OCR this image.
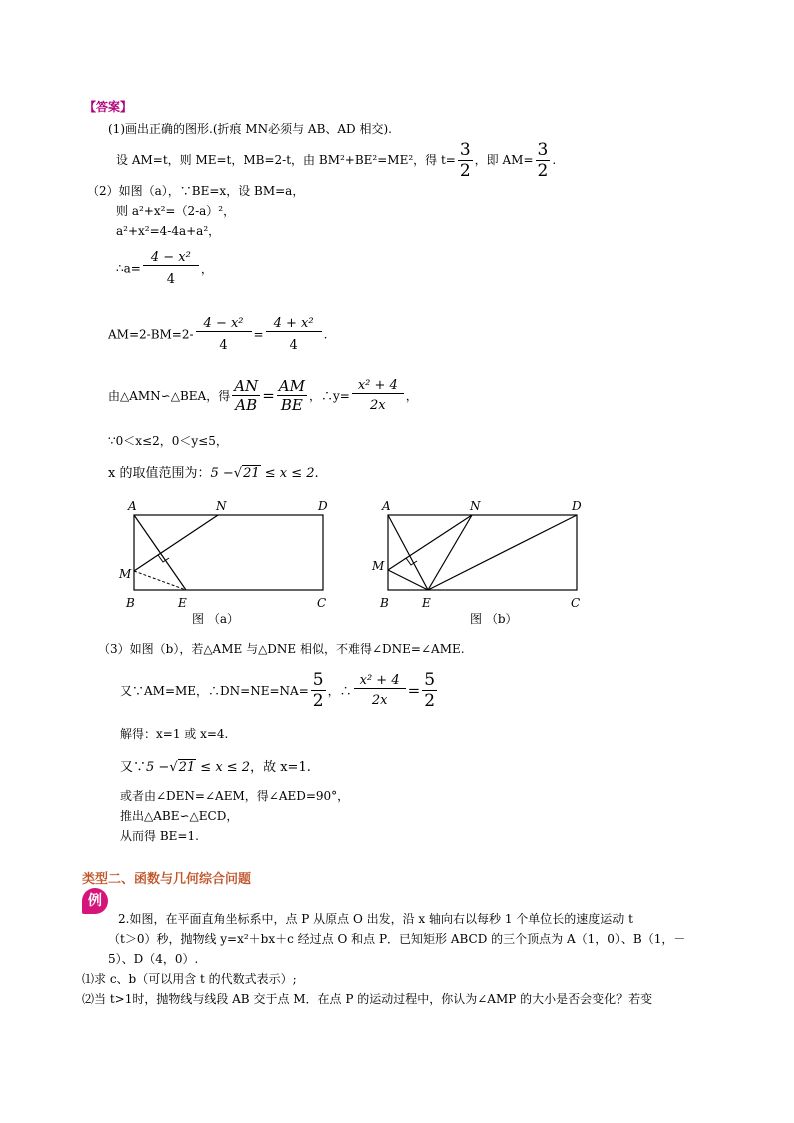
【答案】
(1)画出正确的图形.(折痕 MN必须与 AB、AD 相交).
设 AM=t，则 ME=t，MB=2-t，由 BM²+BE²=ME²，得 $t= \frac{3}{2}$ ，即 $AM= \frac{3}{2}$ .
（2）如图（a），∵BE=x，设 BM=a，
则 a²+x²=（2-a）²，
a²+x²=4-4a+a²，
∴a= $\frac{\text{4 − x²}}{4}$ ，
$AM=2-BM=2- \frac{\text{4 − x²}}{4} = \frac{\text{4 + x²}}{4}$ .
由△AMN∽△BEA，得 $\frac{AN}{AB} = \frac{AM}{BE}$ ，∴y= $\frac{\text{x² + 4}}{2x}$ ，
∵0＜x≤2，0＜y≤5，
x 的取值范围为：5 −√21 ≤ x ≤ 2.
A	N	D
M
B	E	C
图 （a）
A	N	D
M
B	E	C
图 （b）
（3）如图（b），若△AME 与△DNE 相似，不难得∠DNE=∠AME.
又∵AM=ME，∴DN=NE=NA= $\frac{5}{2}$ ，∴ $\frac{\text{x² + 4}}{2x} = \frac{5}{2}$
解得：x=1 或 x=4.
又∵5 −√21 ≤ x ≤ 2，故 x=1.
或者由∠DEN=∠AEM，得∠AED=90°，
推出△ABE∽△ECD，
从而得 BE=1.
类型二、函数与几何综合问题
例
2.如图，在平面直角坐标系中，点 P 从原点 O 出发，沿 x 轴向右以每秒 1 个单位长的速度运动 t
（t＞0）秒，抛物线 y=x²＋bx＋c 经过点 O 和点 P．已知矩形 ABCD 的三个顶点为 A（1，0）、B（1，－
5）、D（4，0）.
⑴求 c、b（可以用含 t 的代数式表示）;
⑵当 t>1时，抛物线与线段 AB 交于点 M．在点 P 的运动过程中，你认为∠AMP 的大小是否会变化？若变
